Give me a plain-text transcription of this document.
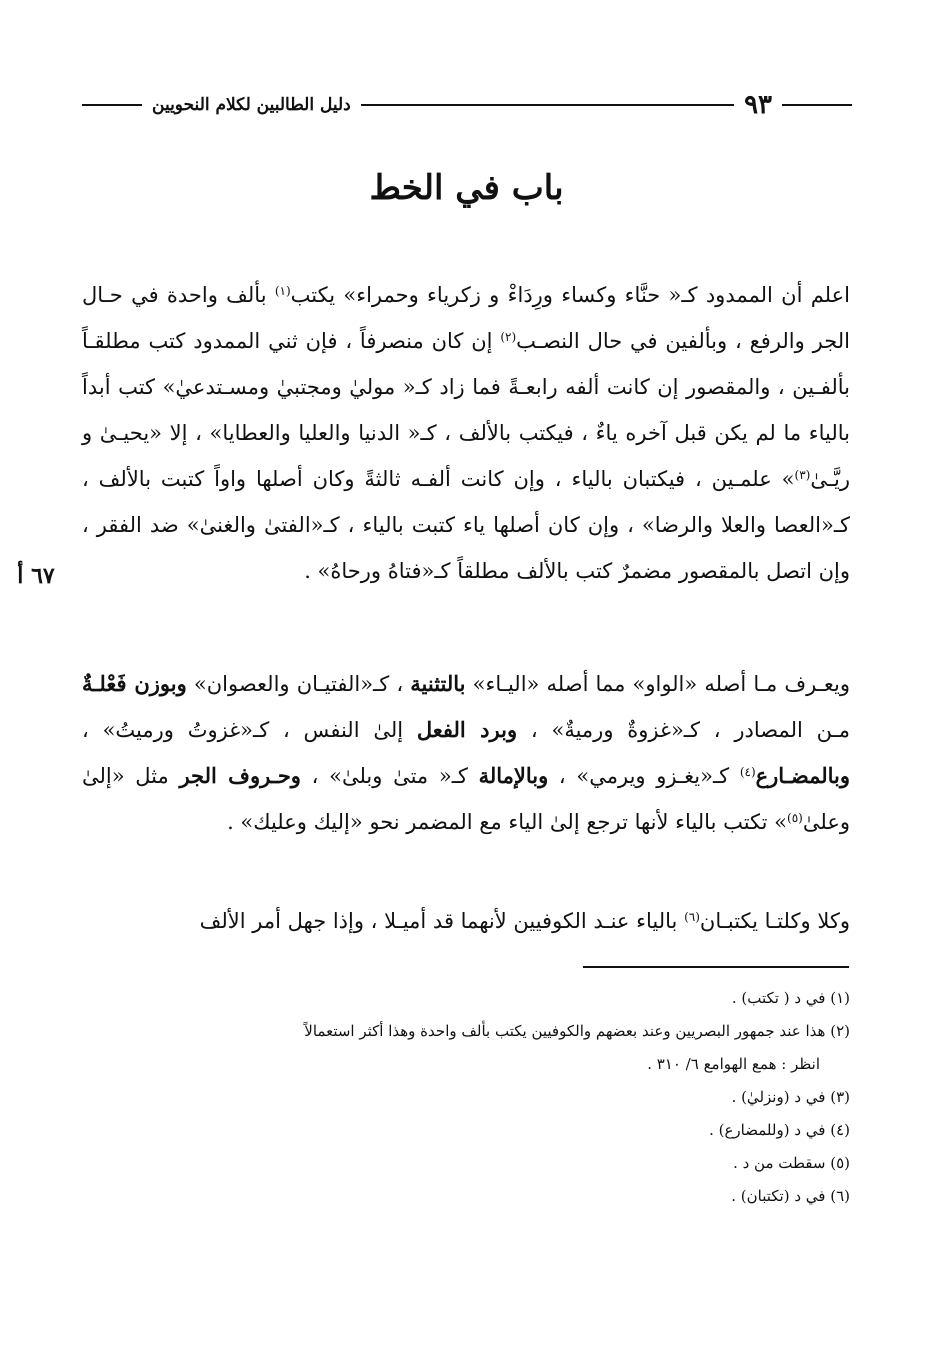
٩٣
دليل الطالبين لكلام النحويين
باب في الخط

اعلم أن الممدود كـ« حنَّاء وكساء ورِدَاءْ و زكرياء وحمراء» يكتب$^{(١)}$ بألف واحدة في حـال الجر والرفع ، وبألفين في حال النصـب$^{(٢)}$ إن كان منصرفاً ، فإن ثني الممدود كتب مطلقـاً بألفـين ، والمقصور إن كانت ألفه رابعـةً فما زاد كـ« موليٰ ومجتبيٰ ومسـتدعيٰ» كتب أبداً بالياء ما لم يكن قبل آخره ياءٌ ، فيكتب بالألف ، كـ« الدنيا والعليا والعطايا» ، إلا «يحيـىٰ و ريَّـىٰ$^{(٣)}$» علمـين ، فيكتبان بالياء ، وإن كانت ألفـه ثالثةً وكان أصلها واواً كتبت بالألف ، كـ«العصا والعلا والرضا» ، وإن كان أصلها ياء كتبت بالياء ، كـ«الفتىٰ والغنىٰ» ضد الفقر ، وإن اتصل بالمقصور مضمرٌ كتب بالألف مطلقاً كـ«فتاهُ ورحاهُ» .

٦٧ أ

ويعـرف مـا أصله «الواو» مما أصله «اليـاء» بالتثنية ، كـ«الفتيـان والعصوان» وبوزن فَعْلـةٌ مـن المصادر ، كـ«غزوةٌ ورميةٌ» ، وبرد الفعل إلىٰ النفس ، كـ«غزوتُ ورميتُ» ، وبالمضـارع$^{(٤)}$ كـ«يغـزو ويرمي» ، وبالإمالة كـ« متىٰ وبلىٰ» ، وحـروف الجر مثل «إلىٰ وعلىٰ$^{(٥)}$» تكتب بالياء لأنها ترجع إلىٰ الياء مع المضمر نحو «إليك وعليك» .

وكلا وكلتـا يكتبـان$^{(٦)}$ بالياء عنـد الكوفيين لأنهما قد أميـلا ، وإذا جهل أمر الألف

(١) في د ( تكتب) .
(٢) هذا عند جمهور البصريين وعند بعضهم والكوفيين يكتب بألف واحدة وهذا أكثر استعمالاً
انظر : همع الهوامع ٦/ ٣١٠ .
(٣) في د (ونزليٰ) .
(٤) في د (وللمضارع) .
(٥) سقطت من د .
(٦) في د (تكتبان) .
